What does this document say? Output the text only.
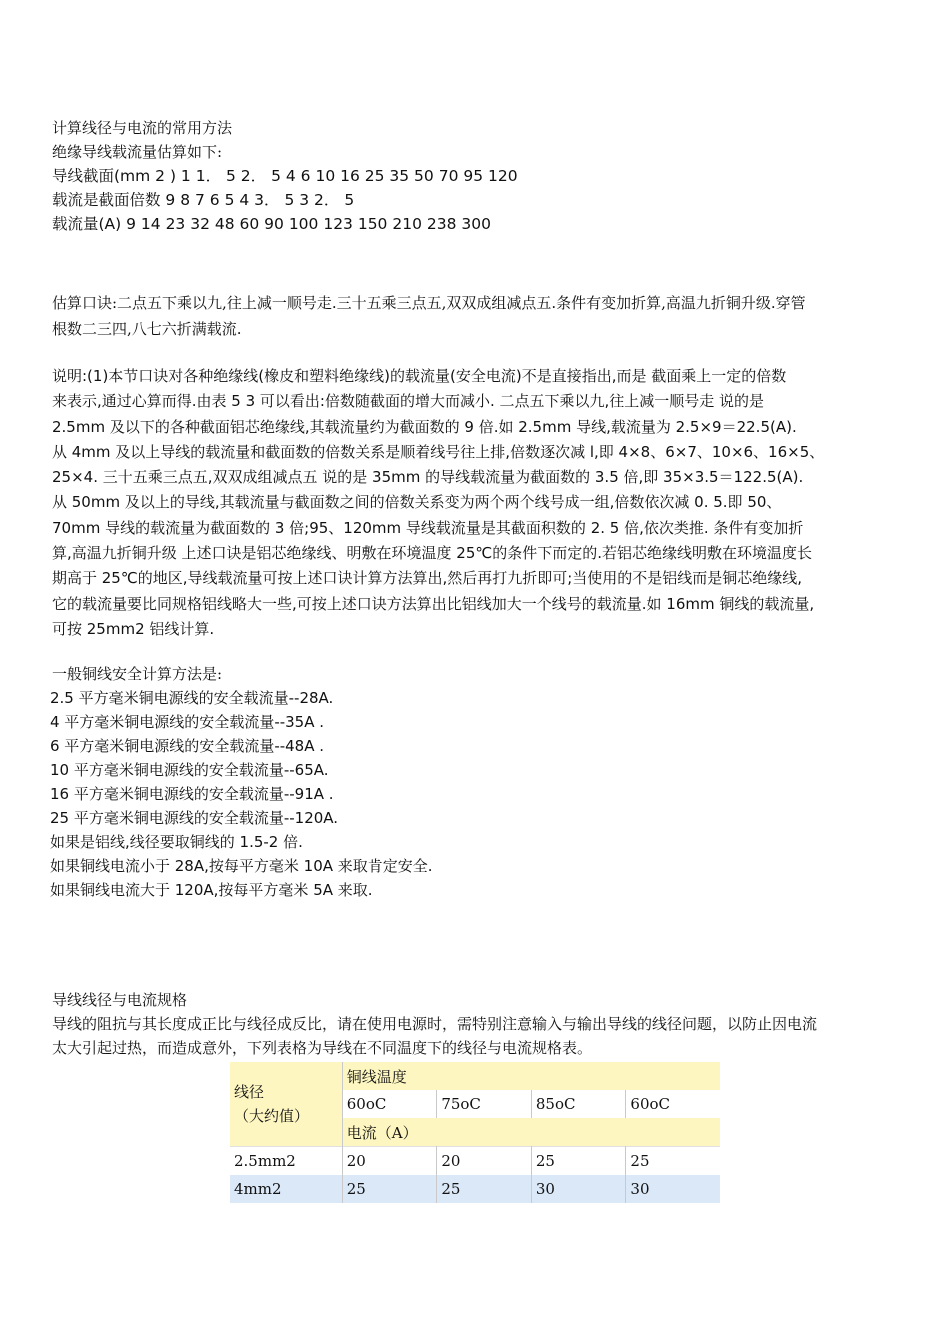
计算线径与电流的常用方法
绝缘导线载流量估算如下:
导线截面(mm 2 ) 1 1． 5 2． 5 4 6 10 16 25 35 50 70 95 120
载流是截面倍数 9 8 7 6 5 4 3． 5 3 2． 5
载流量(A) 9 14 23 32 48 60 90 100 123 150 210 238 300
估算口诀:二点五下乘以九,往上减一顺号走.三十五乘三点五,双双成组减点五.条件有变加折算,高温九折铜升级.穿管
根数二三四,八七六折满载流.
说明:(1)本节口诀对各种绝缘线(橡皮和塑料绝缘线)的载流量(安全电流)不是直接指出,而是 截面乘上一定的倍数
来表示,通过心算而得.由表 5 3 可以看出:倍数随截面的增大而减小. 二点五下乘以九,往上减一顺号走 说的是
2.5mm 及以下的各种截面铝芯绝缘线,其载流量约为截面数的 9 倍.如 2.5mm 导线,载流量为 2.5×9＝22.5(A).
从 4mm 及以上导线的载流量和截面数的倍数关系是顺着线号往上排,倍数逐次减 l,即 4×8、6×7、10×6、16×5、
25×4. 三十五乘三点五,双双成组减点五 说的是 35mm 的导线载流量为截面数的 3.5 倍,即 35×3.5＝122.5(A).
从 50mm 及以上的导线,其载流量与截面数之间的倍数关系变为两个两个线号成一组,倍数依次减 0. 5.即 50、
70mm 导线的载流量为截面数的 3 倍;95、120mm 导线载流量是其截面积数的 2. 5 倍,依次类推. 条件有变加折
算,高温九折铜升级 上述口诀是铝芯绝缘线、明敷在环境温度 25℃的条件下而定的.若铝芯绝缘线明敷在环境温度长
期高于 25℃的地区,导线载流量可按上述口诀计算方法算出,然后再打九折即可;当使用的不是铝线而是铜芯绝缘线,
它的载流量要比同规格铝线略大一些,可按上述口诀方法算出比铝线加大一个线号的载流量.如 16mm 铜线的载流量,
可按 25mm2 铝线计算.
一般铜线安全计算方法是:
2.5 平方毫米铜电源线的安全载流量--28A.
4 平方毫米铜电源线的安全载流量--35A .
6 平方毫米铜电源线的安全载流量--48A .
10 平方毫米铜电源线的安全载流量--65A.
16 平方毫米铜电源线的安全载流量--91A .
25 平方毫米铜电源线的安全载流量--120A.
如果是铝线,线径要取铜线的 1.5-2 倍.
如果铜线电流小于 28A,按每平方毫米 10A 来取肯定安全.
如果铜线电流大于 120A,按每平方毫米 5A 来取.
导线线径与电流规格
导线的阻抗与其长度成正比与线径成反比，请在使用电源时，需特别注意输入与输出导线的线径问题，以防止因电流
太大引起过热，而造成意外，下列表格为导线在不同温度下的线径与电流规格表。
线径
（大约值）	铜线温度			
	60oC	75oC	85oC	60oC
	电流（A）			
2.5mm2	20	20	25	25
4mm2	25	25	30	30
